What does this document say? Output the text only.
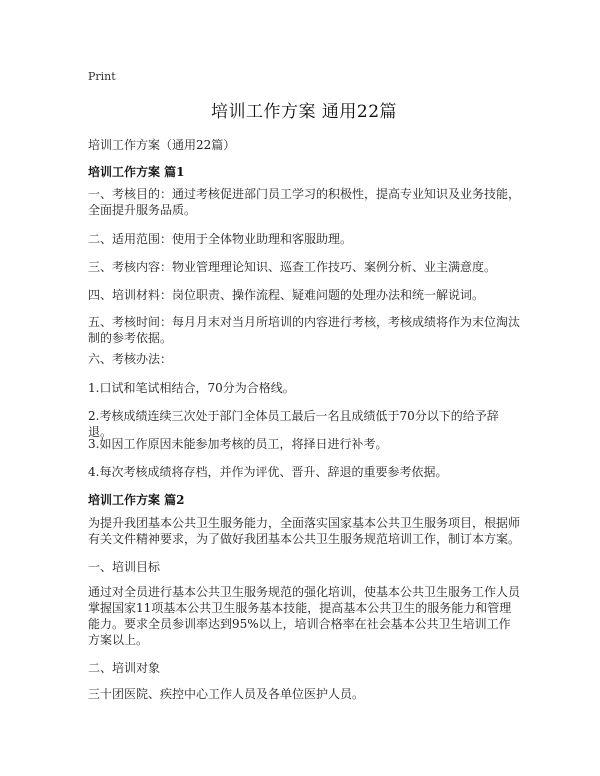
Print
培训工作方案 通用22篇
培训工作方案（通用22篇）
培训工作方案 篇1
一、考核目的：通过考核促进部门员工学习的积极性，提高专业知识及业务技能，全面提升服务品质。
二、适用范围：使用于全体物业助理和客服助理。
三、考核内容：物业管理理论知识、巡查工作技巧、案例分析、业主满意度。
四、培训材料：岗位职责、操作流程、疑难问题的处理办法和统一解说词。
五、考核时间：每月月末对当月所培训的内容进行考核，考核成绩将作为末位淘汰制的参考依据。
六、考核办法：
1.口试和笔试相结合，70分为合格线。
2.考核成绩连续三次处于部门全体员工最后一名且成绩低于70分以下的给予辞退。
3.如因工作原因未能参加考核的员工，将择日进行补考。
4.每次考核成绩将存档，并作为评优、晋升、辞退的重要参考依据。
培训工作方案 篇2
为提升我团基本公共卫生服务能力，全面落实国家基本公共卫生服务项目，根据师有关文件精神要求，为了做好我团基本公共卫生服务规范培训工作，制订本方案。
一、培训目标
通过对全员进行基本公共卫生服务规范的强化培训，使基本公共卫生服务工作人员掌握国家11项基本公共卫生服务基本技能，提高基本公共卫生的服务能力和管理能力。要求全员参训率达到95%以上，培训合格率在社会基本公共卫生培训工作方案以上。
二、培训对象
三十团医院、疾控中心工作人员及各单位医护人员。
